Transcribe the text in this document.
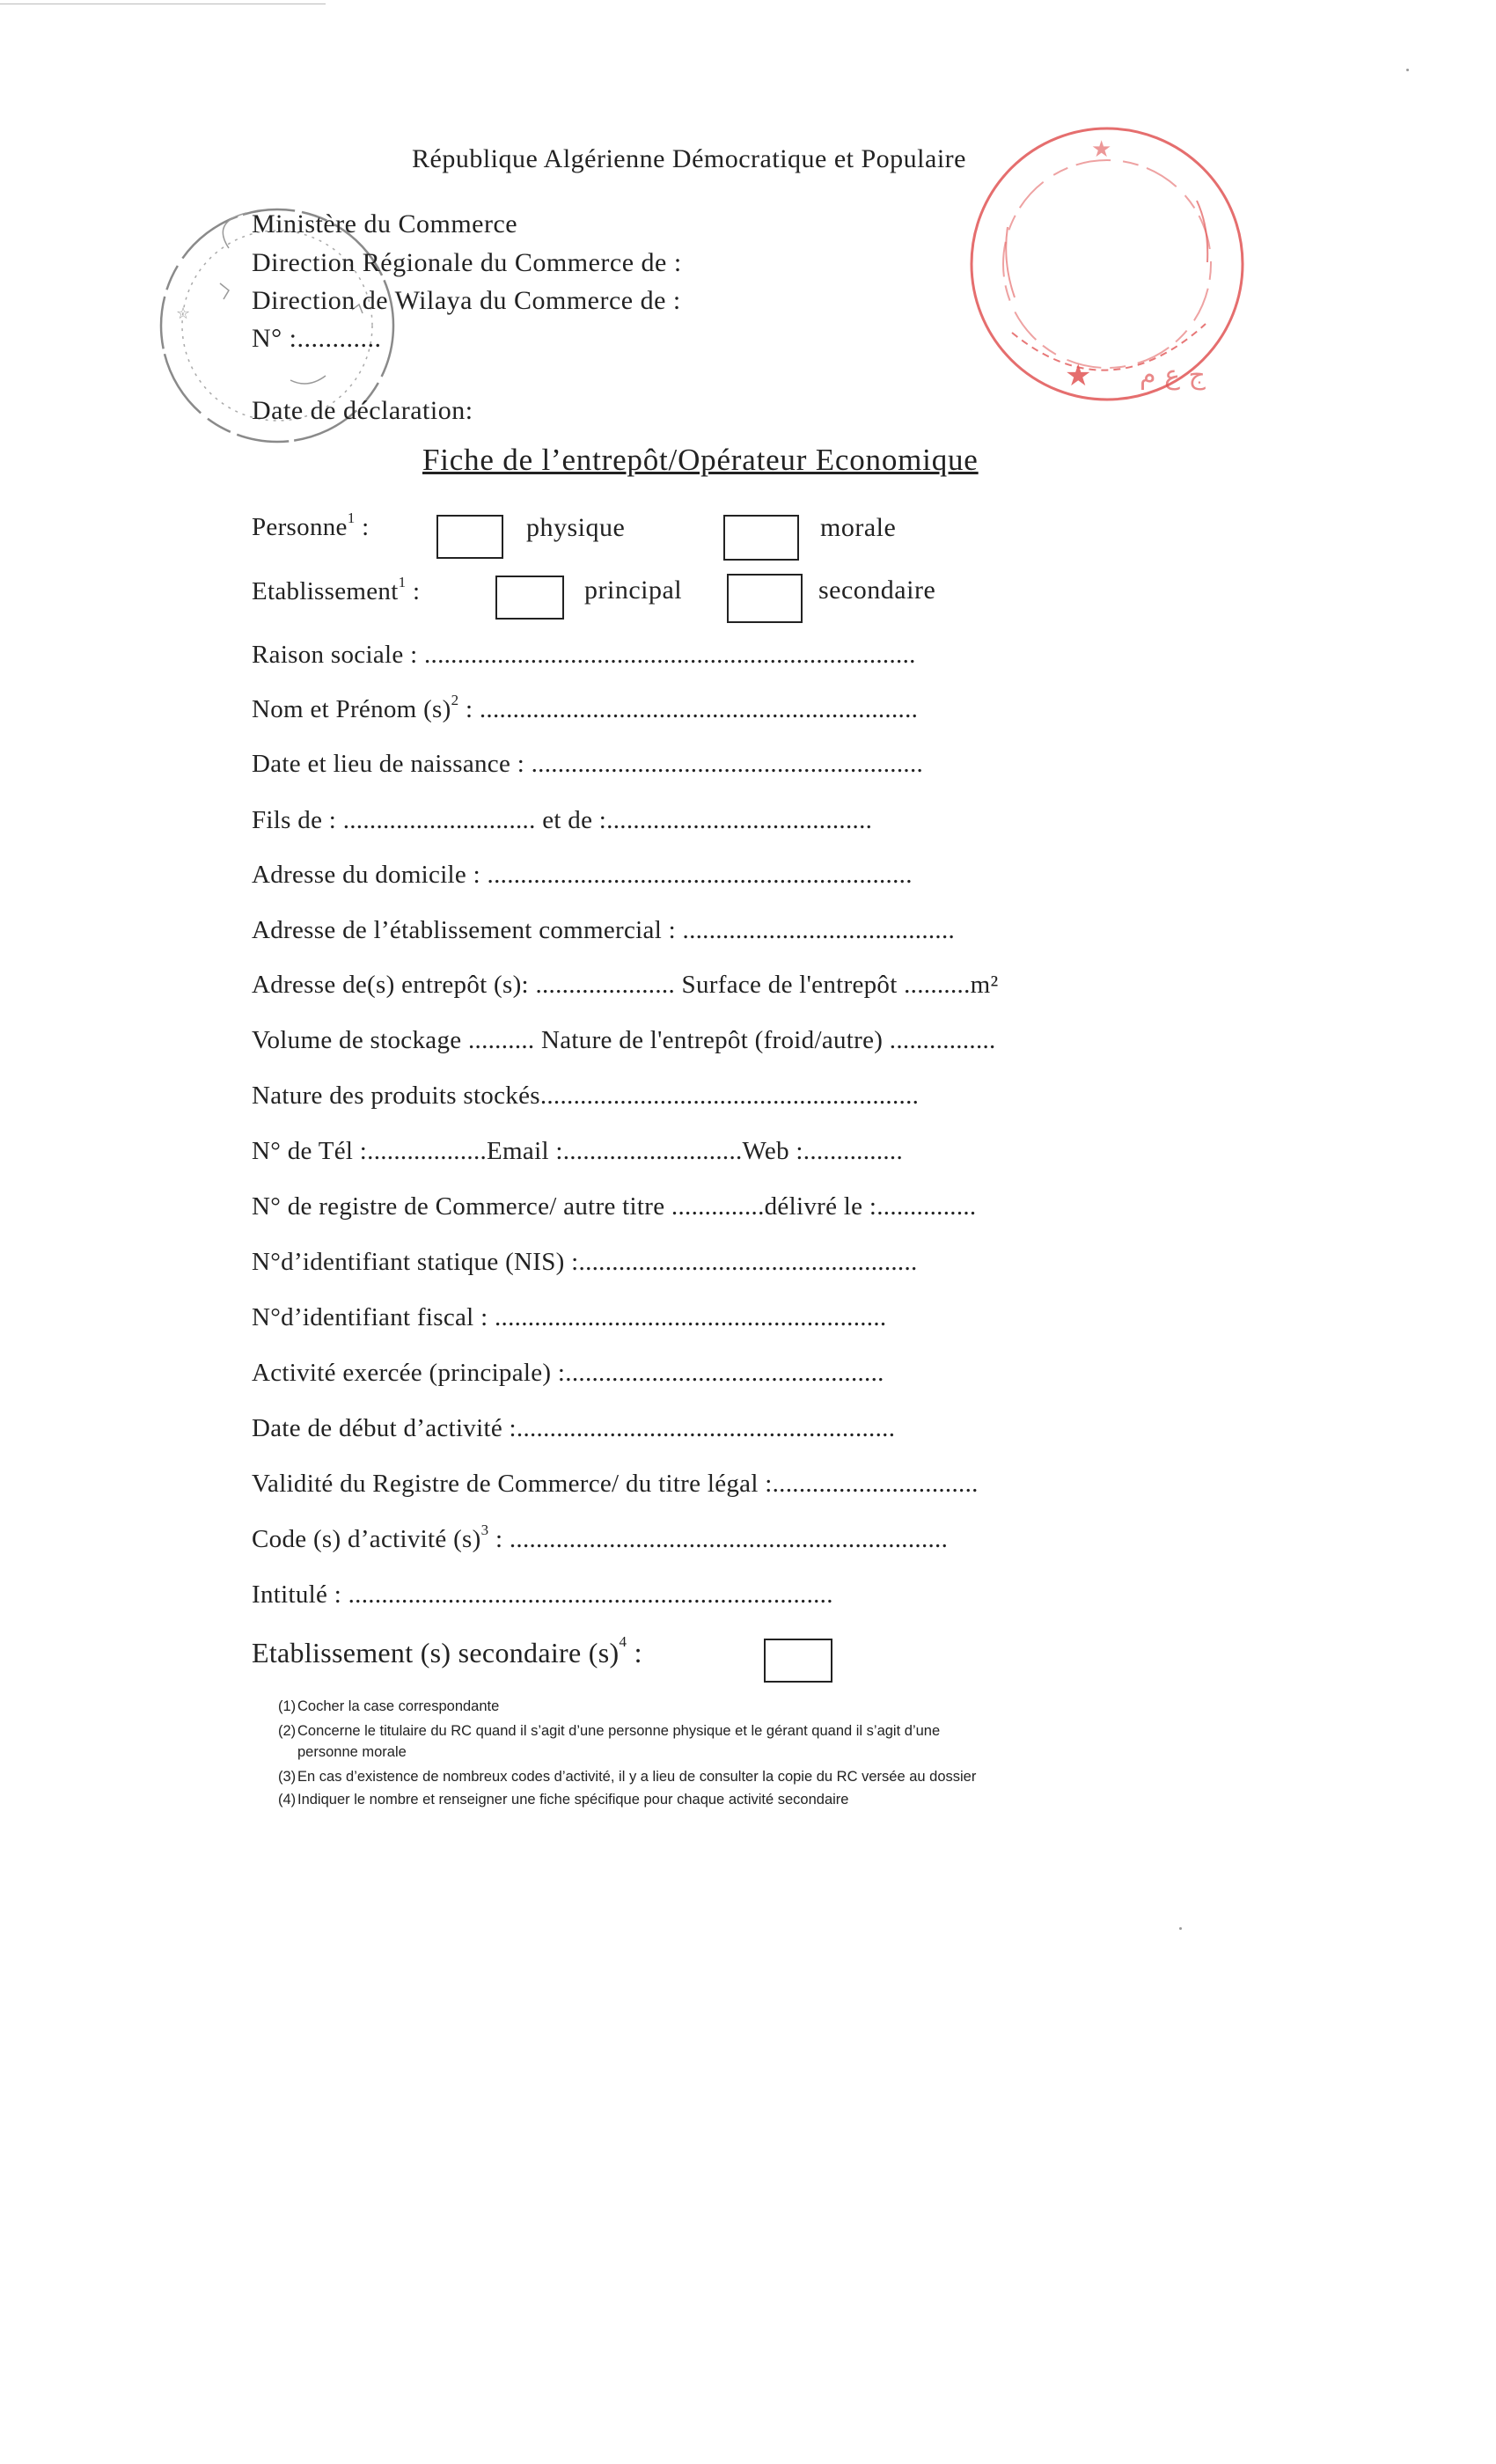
☆
★ ج ﻉ ﻡ
★
République Algérienne Démocratique et Populaire
Ministère du Commerce
Direction Régionale du Commerce de :
Direction de Wilaya du Commerce de :
N° :............
Date de déclaration:
Fiche de l’entrepôt/Opérateur Economique
Personne$^1$ :	physique	morale
Etablissement$^1$ :	principal	secondaire
Raison sociale : ..........................................................................
Nom et Prénom $(s)^2$ : ..................................................................
Date et lieu de naissance : ...........................................................
Fils de : ............................. et de :........................................
Adresse du domicile : ................................................................
Adresse de l’établissement commercial : .........................................
Adresse de(s) entrepôt (s): ..................... Surface de l'entrepôt ..........m²
Volume de stockage .......... Nature de l'entrepôt (froid/autre) ................
Nature des produits stockés.........................................................
N° de Tél :..................Email :...........................Web :...............
N° de registre de Commerce/ autre titre ..............délivré le :...............
N°d’identifiant statique (NIS) :...................................................
N°d’identifiant fiscal : ...........................................................
Activité exercée (principale) :................................................
Date de début d’activité :.........................................................
Validité du Registre de Commerce/ du titre légal :...............................
Code (s) d’activité $(s)^3$ : ..................................................................
Intitulé : .........................................................................
Etablissement (s) secondaire $(s)^4$ :
(1) Cocher la case correspondante
(2) Concerne le titulaire du RC quand il s’agit d’une personne physique et le gérant quand il s’agit d’une
personne morale
(3) En cas d’existence de nombreux codes d’activité, il y a lieu de consulter la copie du RC versée au dossier
(4) Indiquer le nombre et renseigner une fiche spécifique pour chaque activité secondaire
